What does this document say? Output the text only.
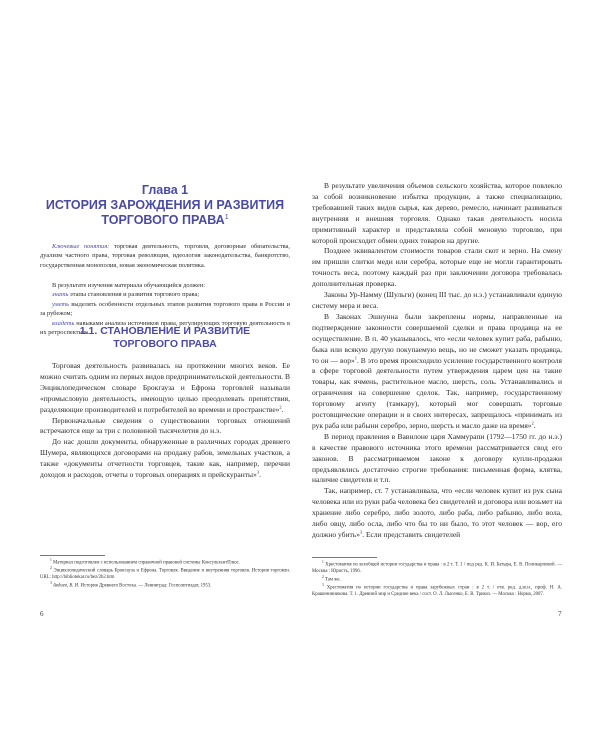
Глава 1
ИСТОРИЯ ЗАРОЖДЕНИЯ И РАЗВИТИЯ
ТОРГОВОГО ПРАВА$^1$

Ключевые понятия: торговая деятельность, торговля, договорные обязательства, дуализм частного права, торговая революция, идеология законодательства, банкротство, государственная монополия, новая экономическая политика.

В результате изучения материала обучающийся должен:

знать этапы становления и развития торгового права;

уметь выделять особенности отдельных этапов развития торгового права в России и за рубежом;

владеть навыками анализа источников права, регулирующих торговую деятельность в их ретроспективе.

1.1. СТАНОВЛЕНИЕ И РАЗВИТИЕ
ТОРГОВОГО ПРАВА

Торговая деятельность развивалась на протяжении многих веков. Ее можно считать одним из первых видов предпринимательской деятельности. В Энциклопедическом словаре Брокгауза и Ефрона торговлей называли «промысловую деятельность, имеющую целью преодолевать препятствия, разделяющие производителей и потребителей во времени и пространстве»$^2$.

Первоначальные сведения о существовании торговых отношений встречаются еще за три с половиной тысячелетия до н.э.

До нас дошли документы, обнаруженные в различных городах древнего Шумера, являющихся договорами на продажу рабов, земельных участков, а также «документы отчетности торговцев, такие как, например, перечни доходов и расходов, отчеты о торговых операциях и прейскуранты»$^3$.

$^1$ Материал подготовлен с использованием справочной правовой системы КонсультантПлюс.

$^2$ Энциклопедический словарь Брокгауза и Ефрона. Торговля. Введение и внутренняя торговля. История торговли. URL: http://bibliotekar.ru/bez/2b2.htm

$^3$ Авдиев, В. И. История Древнего Востока. — Ленинград: Госполитиздат, 1953.

6

В результате увеличения объемов сельского хозяйства, которое повлекло за собой возникновение избытка продукции, а также специализацию, требовавшей таких видов сырья, как дерево, ремесло, начинает развиваться внутренняя и внешняя торговля. Однако такая деятельность носила примитивный характер и представляла собой меновую торговлю, при которой происходит обмен одних товаров на другие.

Позднее эквивалентом стоимости товаров стали скот и зерно. На смену им пришли слитки меди или серебра, которые еще не могли гарантировать точность веса, поэтому каждый раз при заключении договора требовалась дополнительная проверка.

Законы Ур-Намму (Шульги) (конец III тыс. до н.э.) устанавливали единую систему мера и веса.

В Законах Эшнунна были закреплены нормы, направленные на подтверждение законности совершаемой сделки и права продавца на ее осуществление. В п. 40 указывалось, что «если человек купит раба, рабыню, быка или всякую другую покупаемую вещь, но не сможет указать продавца, то он — вор»$^1$. В это время происходило усиление государственного контроля в сфере торговой деятельности путем утверждения царем цен на такие товары, как ячмень, растительное масло, шерсть, соль. Устанавливались и ограничения на совершение сделок. Так, например, государственному торговому агенту (тамкару), который мог совершать торговые ростовщические операции и в своих интересах, запрещалось «принимать из рук раба или рабыни серебро, зерно, шерсть и масло даже на время»$^2$.

В период правления в Вавилоне царя Хаммурапи (1792—1750 гг. до н.э.) в качестве правового источника этого времени рассматривается свод его законов. В рассматриваемом законе к договору купли-продажи предъявлялись достаточно строгие требования: письменная форма, клятва, наличие свидетеля и т.п.

Так, например, ст. 7 устанавливала, что «если человек купит из рук сына человека или из руки раба человека без свидетелей и договора или возьмет на хранение либо серебро, либо золото, либо раба, либо рабыню, либо вола, либо овцу, либо осла, либо что бы то ни было, то этот человек — вор, его должно убить»$^3$. Если представить свидетелей

$^1$ Хрестоматия по всеобщей истории государства и права : в 2 т. Т. 1 / под ред. К. И. Батыра, Е. В. Поликарповой. — Москва : Юристъ, 1996.

$^2$ Там же.

$^3$ Хрестоматия по истории государства и права зарубежных стран : в 2 т. / отв. ред. д.ю.н., проф. Н. А. Крашенинникова. Т. 1. Древний мир и Средние века / сост. О. Л. Лысенко, Е. В. Трикоз. — Москва : Норма, 2007.

7
